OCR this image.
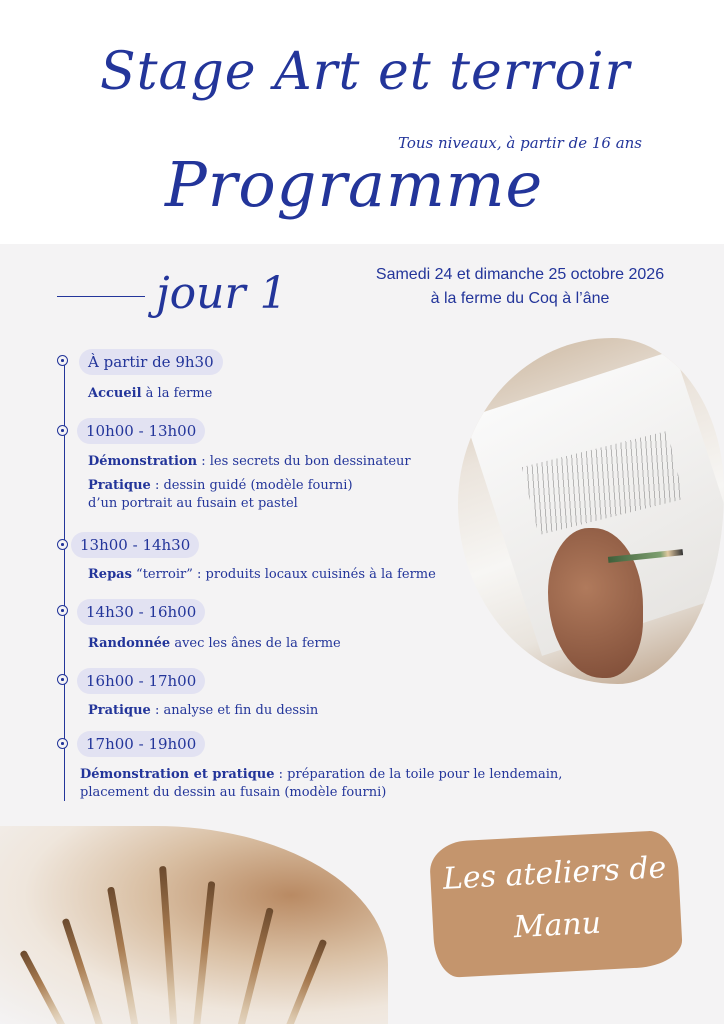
Stage Art et terroir
Tous niveaux, à partir de 16 ans
Programme
jour 1	Samedi 24 et dimanche 25 octobre 2026
à la ferme du Coq à l’âne
À partir de 9h30
Accueil à la ferme
10h00 - 13h00
Démonstration : les secrets du bon dessinateur
Pratique : dessin guidé (modèle fourni)
d’un portrait au fusain et pastel
13h00 - 14h30
Repas “terroir” : produits locaux cuisinés à la ferme
14h30 - 16h00
Randonnée avec les ânes de la ferme
16h00 - 17h00
Pratique : analyse et fin du dessin
17h00 - 19h00
Démonstration et pratique : préparation de la toile pour le lendemain,
placement du dessin au fusain (modèle fourni)
Les ateliers de
Manu
